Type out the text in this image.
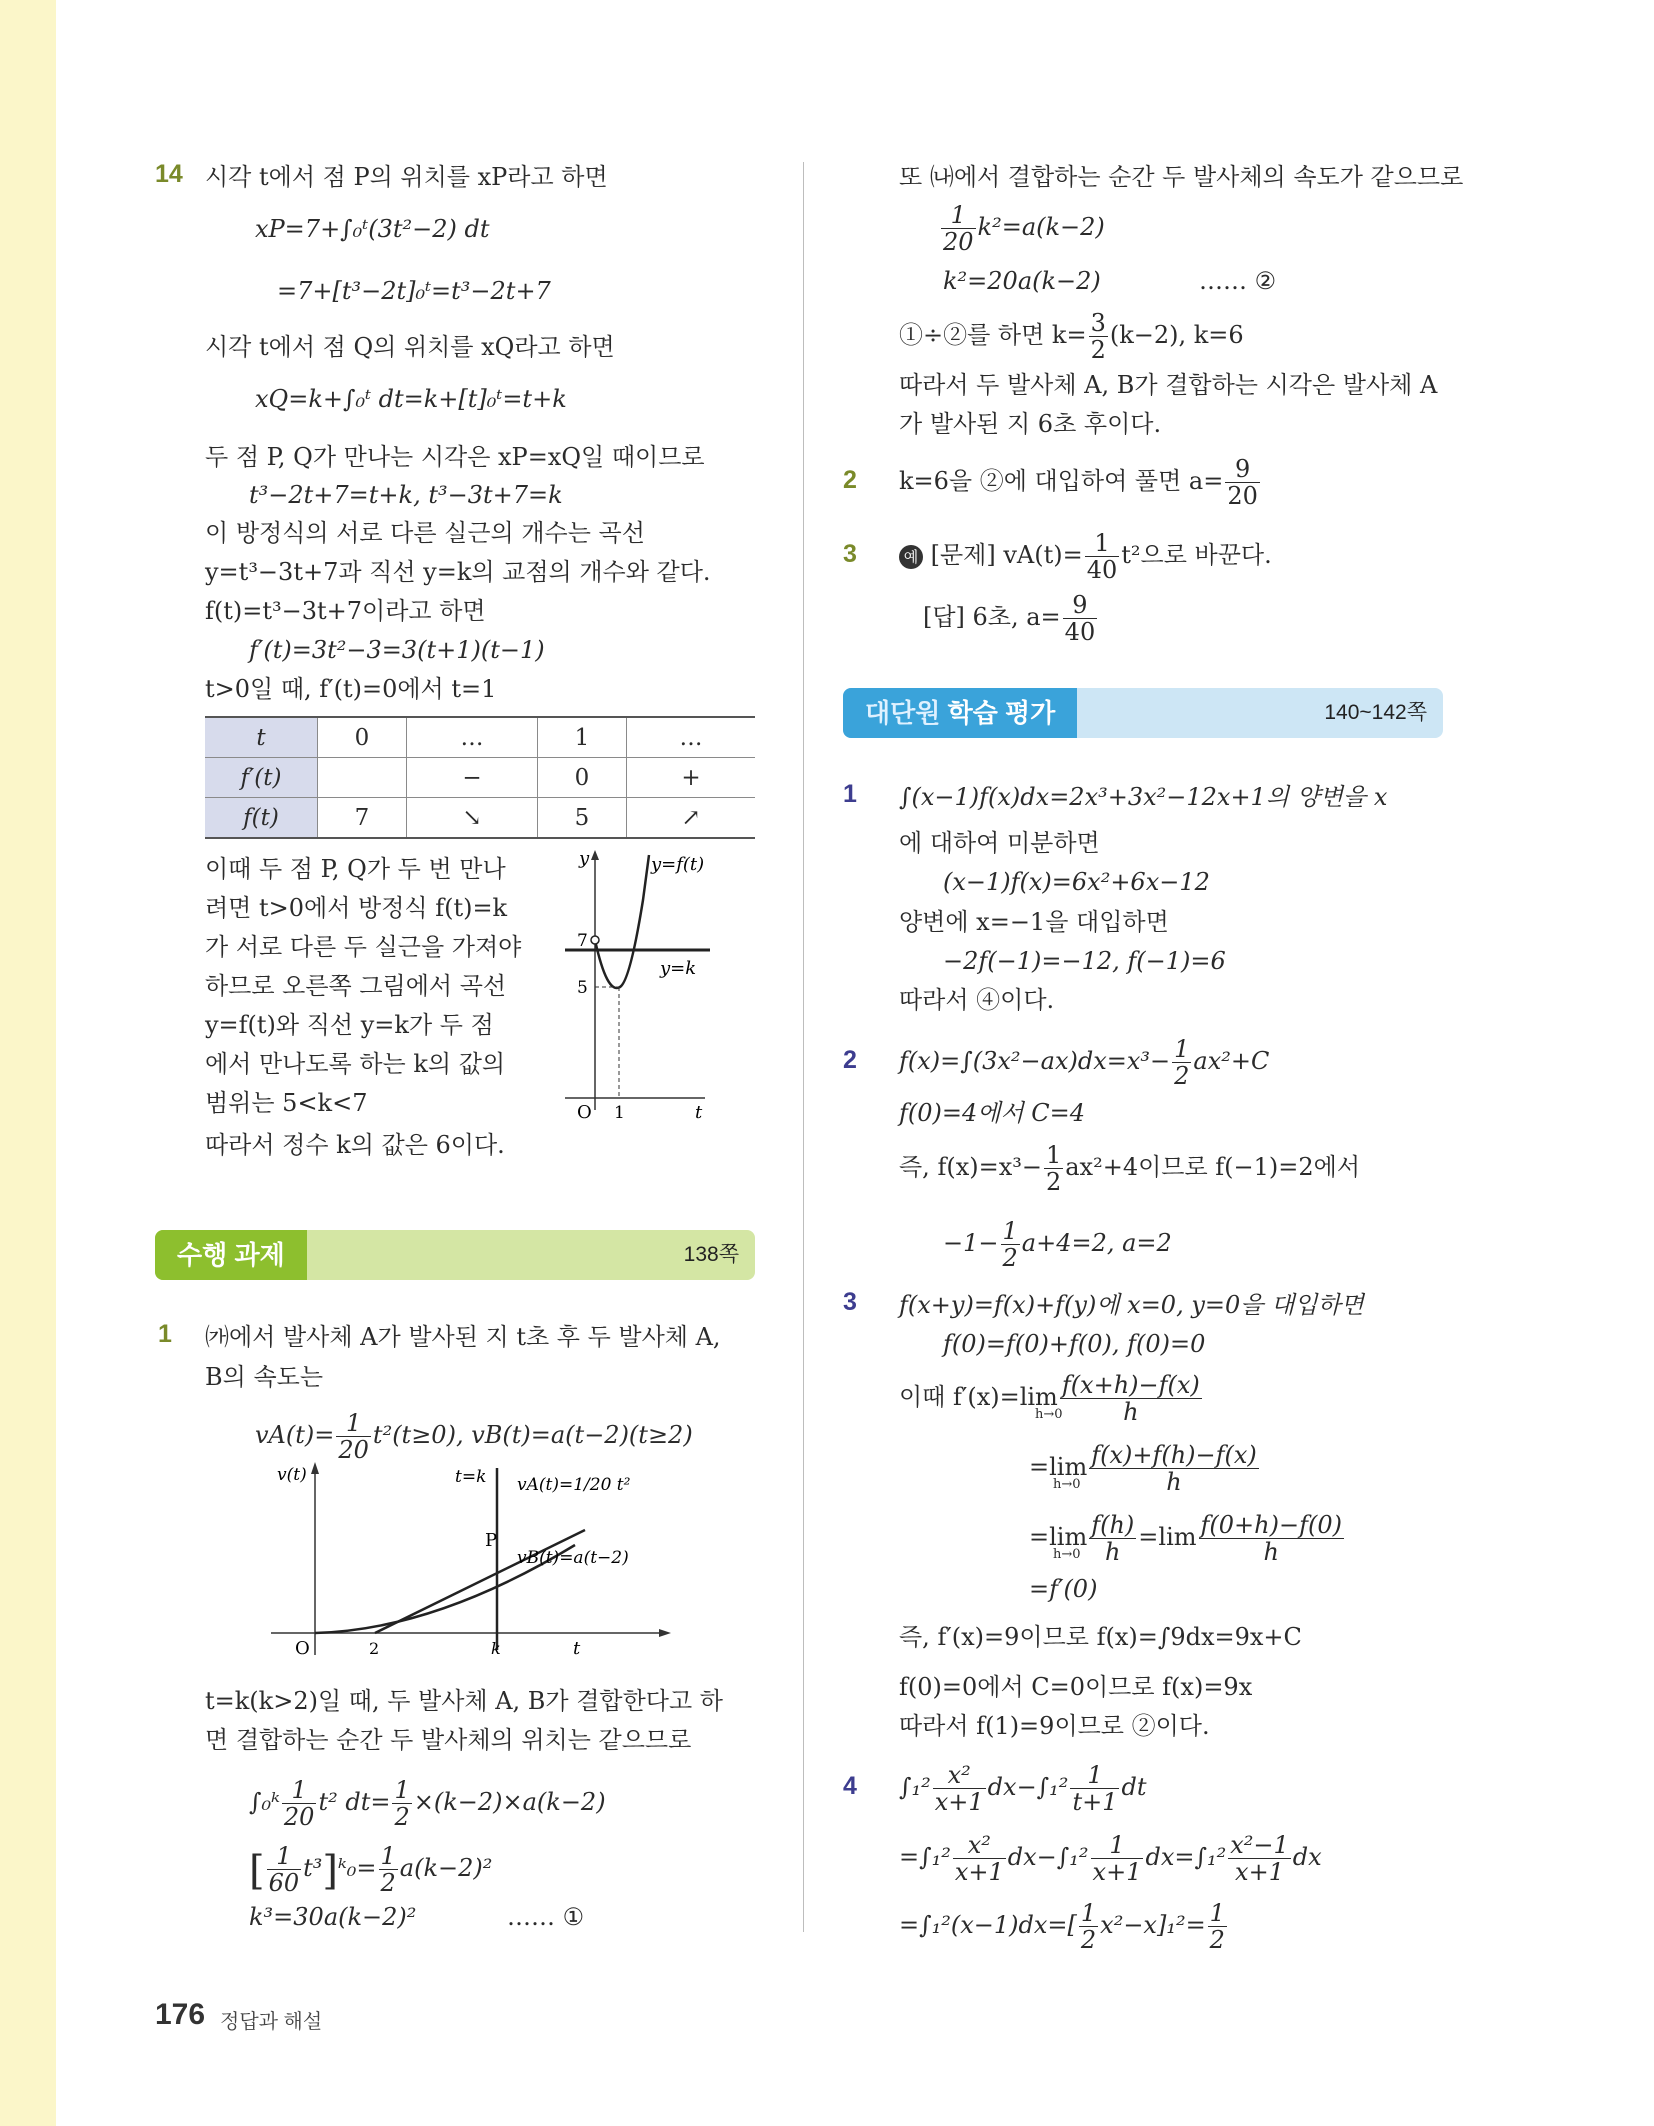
14 시각 t에서 점 P의 위치를 xP라고 하면
xP=7+∫₀ᵗ(3t²−2) dt
=7+[t³−2t]₀ᵗ=t³−2t+7
시각 t에서 점 Q의 위치를 xQ라고 하면
xQ=k+∫₀ᵗ dt=k+[t]₀ᵗ=t+k
두 점 P, Q가 만나는 시각은 xP=xQ일 때이므로
t³−2t+7=t+k, t³−3t+7=k
이 방정식의 서로 다른 실근의 개수는 곡선
y=t³−3t+7과 직선 y=k의 교점의 개수와 같다.
f(t)=t³−3t+7이라고 하면
f′(t)=3t²−3=3(t+1)(t−1)
t>0일 때, f′(t)=0에서 t=1
t	0	…	1	…
f′(t)		−	0	+
f(t)	7	↘	5	↗
이때 두 점 P, Q가 두 번 만나
려면 t>0에서 방정식 f(t)=k
가 서로 다른 두 실근을 가져야
하므로 오른쪽 그림에서 곡선
y=f(t)와 직선 y=k가 두 점
에서 만나도록 하는 k의 값의
범위는 5<k<7
따라서 정수 k의 값은 6이다.
y	y=f(t)
y=k
7
5
O 1	t
수행 과제	138쪽
1 ㈎에서 발사체 A가 발사된 지 t초 후 두 발사체 A,
B의 속도는
$vA(t)= \frac{1}{20} t^2(t\ge 0)$, vB(t)=a(t−2)(t≥2)
v(t)	t=k vA(t)=1/20 t²
vB(t)=a(t−2)
P
O	2	k	t
t=k(k>2)일 때, 두 발사체 A, B가 결합한다고 하
면 결합하는 순간 두 발사체의 위치는 같으므로
∫₀ᵏ $\frac{1}{20} t^2$ $dt= \frac{1}{2} \times(k-2)\times a(k-2)$
[ $\frac{1}{60}$ t³]ᵏ₀= $\frac{1}{2} a(k-2)^2$
k³=30a(k−2)²	…… ①
또 ㈏에서 결합하는 순간 두 발사체의 속도가 같으므로
$\frac{1}{20} k^2=a(k-2)$
k²=20a(k−2)	…… ②
①÷②를 하면 $k= \frac{3}{2} (k-2)$, k=6
따라서 두 발사체 A, B가 결합하는 시각은 발사체 A
가 발사된 지 6초 후이다.
2 k=6을 ②에 대입하여 풀면 $a= \frac{9}{20}$
3	예 [문제] $vA(t)= \frac{1}{40} t^2$으로 바꾼다.
[답] 6초, $a= \frac{9}{40}$
대단원 학습 평가	140~142쪽
1 ∫(x−1)f(x)dx=2x³+3x²−12x+1의 양변을 x
에 대하여 미분하면
(x−1)f(x)=6x²+6x−12
양변에 x=−1을 대입하면
−2f(−1)=−12, f(−1)=6
따라서 ④이다.
2 $f(x)=\int(3x^2-ax)dx=x^3- \frac{1}{2} ax^2+C$
f(0)=4에서 C=4
즉, $f(x)=x^3- \frac{1}{2} ax^2+4$이므로 f(−1)=2에서
$-1- \frac{1}{2} a+4=2$, a=2
3 f(x+y)=f(x)+f(y)에 x=0, y=0을 대입하면
f(0)=f(0)+f(0), f(0)=0
이때 $f'(x)=\lim \frac{f(x+h)-f(x)}{h}$
h→0
$=\lim \frac{f(x)+f(h)-f(x)}{h}$
h→0
$=\lim \frac{f(h)}{h} =\lim \frac{f(0+h)-f(0)}{h}$
h→0
=f′(0)
즉, f′(x)=9이므로 f(x)=∫9dx=9x+C
f(0)=0에서 C=0이므로 f(x)=9x
따라서 f(1)=9이므로 ②이다.
4 $\int_1^2 \frac{\text{x²}}{x+1} dx-\int_1^2 \frac{1}{t+1}$ dt
$=\int_1^2 \frac{\text{x²}}{x+1} dx-\int_1^2 \frac{1}{x+1} dx=\int_1^2 \frac{\text{x²−1}}{x+1}$ dx
$=\int_1^2(x-1)dx=[ \frac{1}{2} x^2-x]_1^2= \frac{1}{2}$
176 정답과 해설
